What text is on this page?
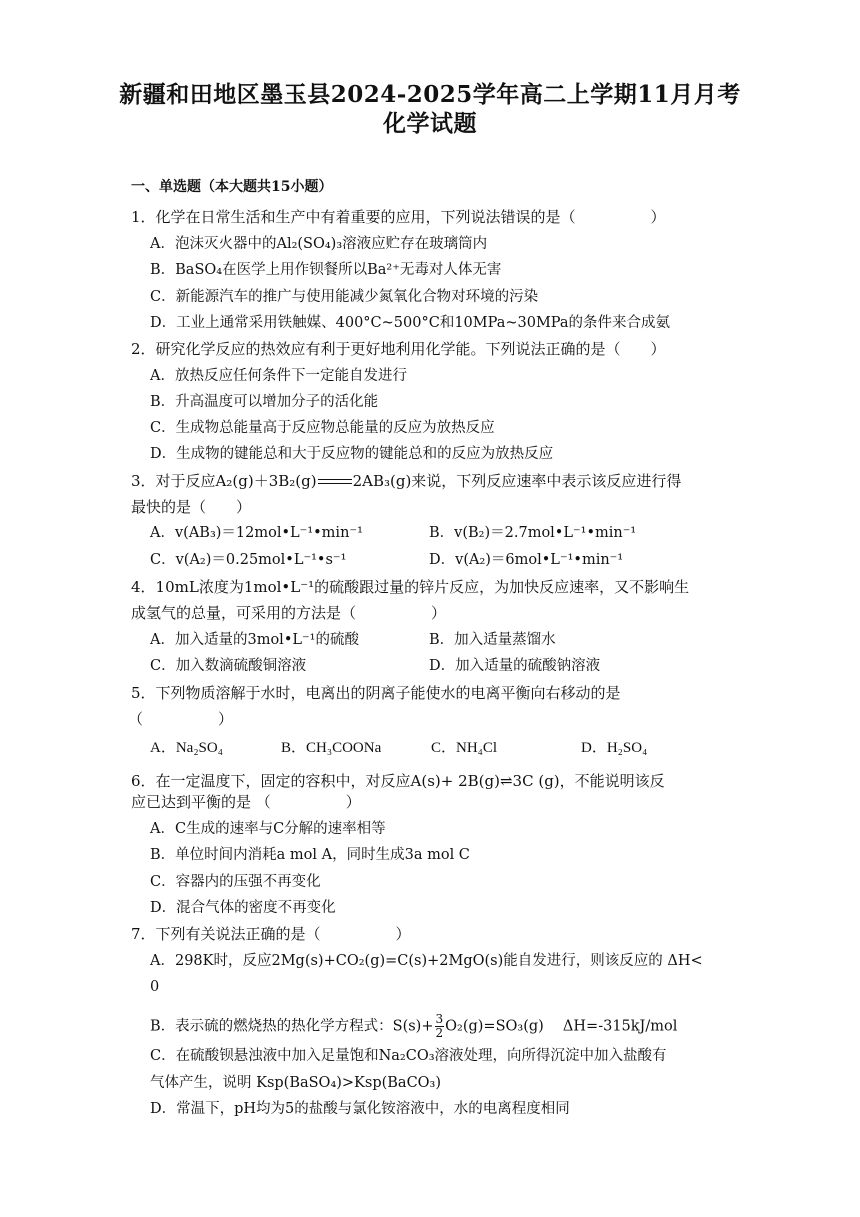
新疆和田地区墨玉县2024-2025学年高二上学期11月月考
化学试题
一、单选题（本大题共15小题）
1．化学在日常生活和生产中有着重要的应用，下列说法错误的是（　　　　　）
A．泡沫灭火器中的Al₂(SO₄)₃溶液应贮存在玻璃筒内
B．BaSO₄在医学上用作钡餐所以Ba²⁺无毒对人体无害
C．新能源汽车的推广与使用能减少氮氧化合物对环境的污染
D．工业上通常采用铁触媒、400°C~500°C和10MPa~30MPa的条件来合成氨
2．研究化学反应的热效应有利于更好地利用化学能。下列说法正确的是（　　）
A．放热反应任何条件下一定能自发进行
B．升高温度可以增加分子的活化能
C．生成物总能量高于反应物总能量的反应为放热反应
D．生成物的键能总和大于反应物的键能总和的反应为放热反应
3．对于反应A₂(g)＋3B₂(g) 2AB₃(g)来说，下列反应速率中表示该反应进行得
最快的是（　　）
A．v(AB₃)＝12mol•L⁻¹•min⁻¹	B．v(B₂)＝2.7mol•L⁻¹•min⁻¹
C．v(A₂)＝0.25mol•L⁻¹•s⁻¹	D．v(A₂)＝6mol•L⁻¹•min⁻¹
4．10mL浓度为1mol•L⁻¹的硫酸跟过量的锌片反应，为加快反应速率，又不影响生
成氢气的总量，可采用的方法是（　　　　　）
A．加入适量的3mol•L⁻¹的硫酸	B．加入适量蒸馏水
C．加入数滴硫酸铜溶液	D．加入适量的硫酸钠溶液
5．下列物质溶解于水时，电离出的阴离子能使水的电离平衡向右移动的是
（　　　　　）
A．Na₂SO₄	B．CH₃COONa	C．NH₄Cl	D．H₂SO₄
6．在一定温度下，固定的容积中，对反应A(s)+ 2B(g)⇌3C (g)，不能说明该反
应已达到平衡的是 （　　　　　）
A．C生成的速率与C分解的速率相等
B．单位时间内消耗a mol A，同时生成3a mol C
C．容器内的压强不再变化
D．混合气体的密度不再变化
7．下列有关说法正确的是（　　　　　）
A．298K时，反应2Mg(s)+CO₂(g)=C(s)+2MgO(s)能自发进行，则该反应的 ΔH<
0
B．表示硫的燃烧热的热化学方程式：$S(s)+ \frac{3}{2} O_2(g)=SO_3(g)$　 ΔH=-315kJ/mol
C．在硫酸钡悬浊液中加入足量饱和Na₂CO₃溶液处理，向所得沉淀中加入盐酸有
气体产生，说明 Ksp(BaSO₄)>Ksp(BaCO₃)
D．常温下，pH均为5的盐酸与氯化铵溶液中，水的电离程度相同
